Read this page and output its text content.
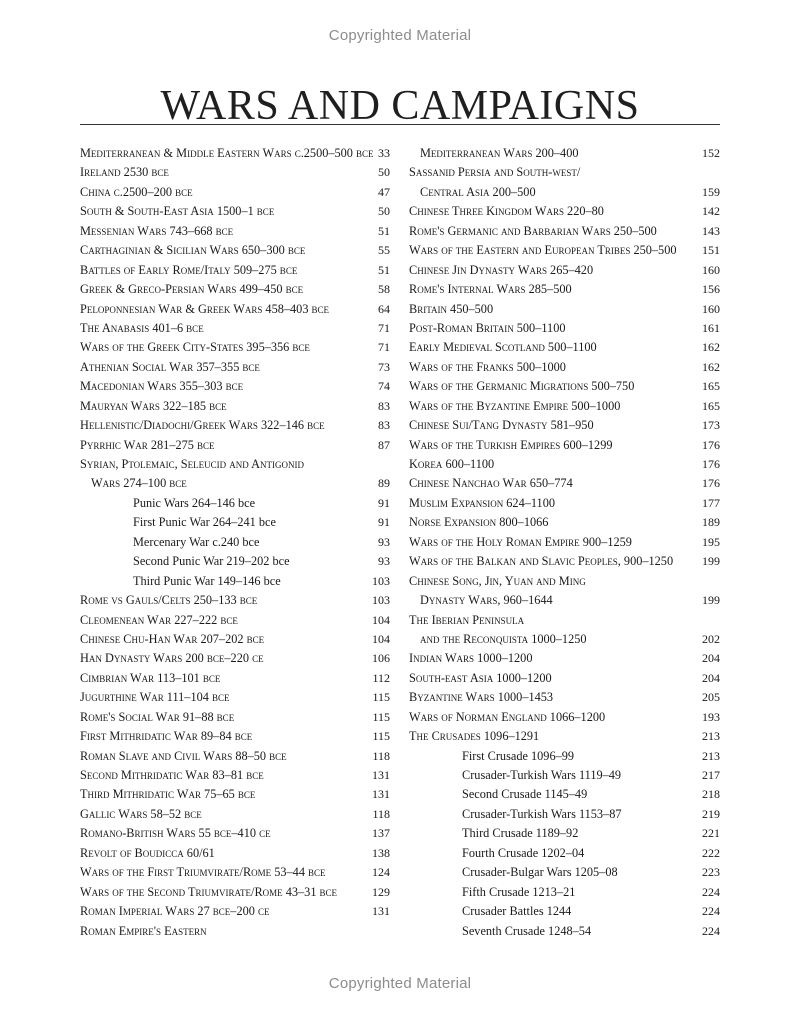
Copyrighted Material
WARS AND CAMPAIGNS
Mediterranean & Middle Eastern Wars c.2500–500 bce 33
Ireland 2530 bce	50
China c.2500–200 bce	47
South & South-East Asia 1500–1 bce	50
Messenian Wars 743–668 bce	51
Carthaginian & Sicilian Wars 650–300 bce	55
Battles of Early Rome/Italy 509–275 bce	51
Greek & Greco-Persian Wars 499–450 bce	58
Peloponnesian War & Greek Wars 458–403 bce	64
The Anabasis 401–6 bce	71
Wars of the Greek City-States 395–356 bce	71
Athenian Social War 357–355 bce	73
Macedonian Wars 355–303 bce	74
Mauryan Wars 322–185 bce	83
Hellenistic/Diadochi/Greek Wars 322–146 bce	83
Pyrrhic War 281–275 bce	87
Syrian, Ptolemaic, Seleucid and Antigonid
Wars 274–100 bce	89
Punic Wars 264–146 bce	91
First Punic War 264–241 bce	91
Mercenary War c.240 bce	93
Second Punic War 219–202 bce	93
Third Punic War 149–146 bce	103
Rome vs Gauls/Celts 250–133 bce	103
Cleomenean War 227–222 bce	104
Chinese Chu-Han War 207–202 bce	104
Han Dynasty Wars 200 bce–220 ce	106
Cimbrian War 113–101 bce	112
Jugurthine War 111–104 bce	115
Rome's Social War 91–88 bce	115
First Mithridatic War 89–84 bce	115
Roman Slave and Civil Wars 88–50 bce	118
Second Mithridatic War 83–81 bce	131
Third Mithridatic War 75–65 bce	131
Gallic Wars 58–52 bce	118
Romano-British Wars 55 bce–410 ce	137
Revolt of Boudicca 60/61	138
Wars of the First Triumvirate/Rome 53–44 bce	124
Wars of the Second Triumvirate/Rome 43–31 bce	129
Roman Imperial Wars 27 bce–200 ce	131
Roman Empire's Eastern
Mediterranean Wars 200–400	152
Sassanid Persia and South-west/
Central Asia 200–500	159
Chinese Three Kingdom Wars 220–80	142
Rome's Germanic and Barbarian Wars 250–500	143
Wars of the Eastern and European Tribes 250–500 151
Chinese Jin Dynasty Wars 265–420	160
Rome's Internal Wars 285–500	156
Britain 450–500	160
Post-Roman Britain 500–1100	161
Early Medieval Scotland 500–1100	162
Wars of the Franks 500–1000	162
Wars of the Germanic Migrations 500–750	165
Wars of the Byzantine Empire 500–1000	165
Chinese Sui/Tang Dynasty 581–950	173
Wars of the Turkish Empires 600–1299	176
Korea 600–1100	176
Chinese Nanchao War 650–774	176
Muslim Expansion 624–1100	177
Norse Expansion 800–1066	189
Wars of the Holy Roman Empire 900–1259	195
Wars of the Balkan and Slavic Peoples, 900–1250 199
Chinese Song, Jin, Yuan and Ming
Dynasty Wars, 960–1644	199
The Iberian Peninsula
and the Reconquista 1000–1250	202
Indian Wars 1000–1200	204
South-east Asia 1000–1200	204
Byzantine Wars 1000–1453	205
Wars of Norman England 1066–1200	193
The Crusades 1096–1291	213
First Crusade 1096–99	213
Crusader-Turkish Wars 1119–49	217
Second Crusade 1145–49	218
Crusader-Turkish Wars 1153–87	219
Third Crusade 1189–92	221
Fourth Crusade 1202–04	222
Crusader-Bulgar Wars 1205–08	223
Fifth Crusade 1213–21	224
Crusader Battles 1244	224
Seventh Crusade 1248–54	224
Copyrighted Material
